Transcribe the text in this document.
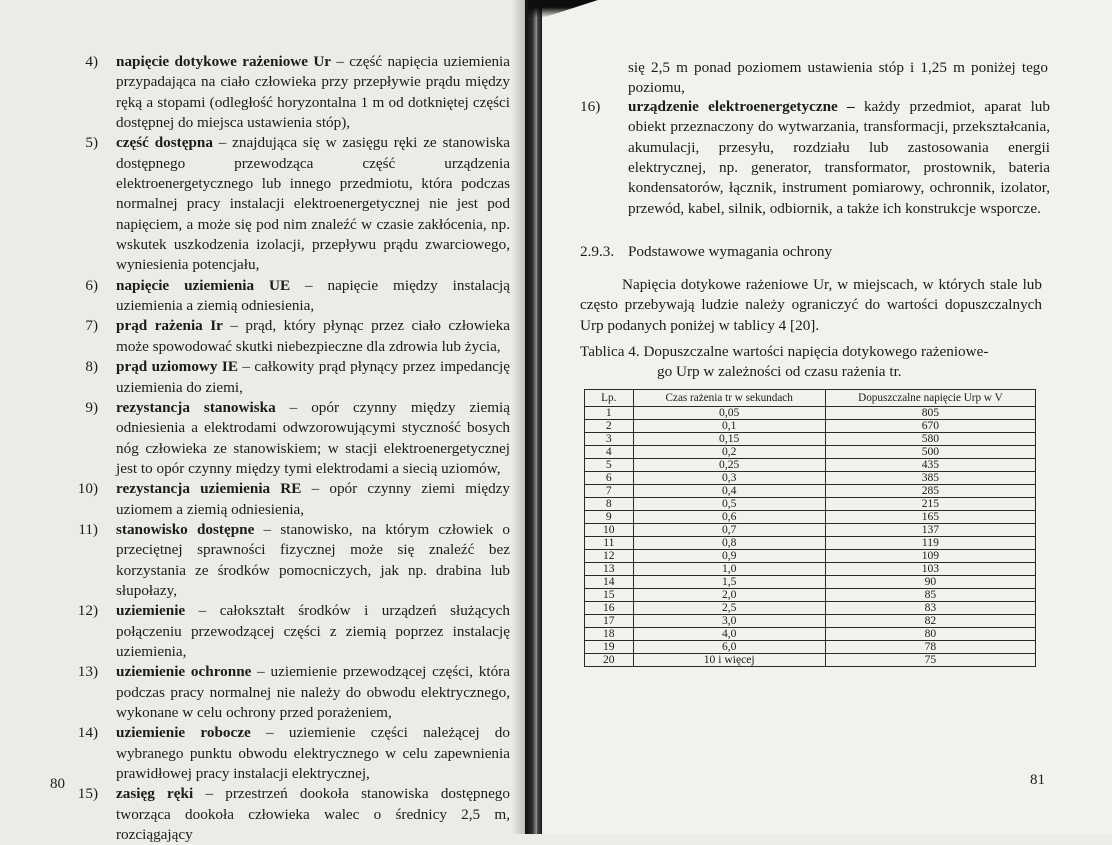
4) napięcie dotykowe rażeniowe Ur – część napięcia uziemienia przypadająca na ciało człowieka przy przepływie prądu między ręką a stopami (odległość horyzontalna 1 m od dotkniętej części dostępnej do miejsca ustawienia stóp),
5) część dostępna – znajdująca się w zasięgu ręki ze stanowiska dostępnego przewodząca część urządzenia elektroenergetycznego lub innego przedmiotu, która podczas normalnej pracy instalacji elektroenergetycznej nie jest pod napięciem, a może się pod nim znaleźć w czasie zakłócenia, np. wskutek uszkodzenia izolacji, przepływu prądu zwarciowego, wyniesienia potencjału,
6) napięcie uziemienia UE – napięcie między instalacją uziemienia a ziemią odniesienia,
7) prąd rażenia Ir – prąd, który płynąc przez ciało człowieka może spowodować skutki niebezpieczne dla zdrowia lub życia,
8) prąd uziomowy IE – całkowity prąd płynący przez impedancję uziemienia do ziemi,
9) rezystancja stanowiska – opór czynny między ziemią odniesienia a elektrodami odwzorowującymi styczność bosych nóg człowieka ze stanowiskiem; w stacji elektroenergetycznej jest to opór czynny między tymi elektrodami a siecią uziomów,
10) rezystancja uziemienia RE – opór czynny ziemi między uziomem a ziemią odniesienia,
11) stanowisko dostępne – stanowisko, na którym człowiek o przeciętnej sprawności fizycznej może się znaleźć bez korzystania ze środków pomocniczych, jak np. drabina lub słupołazy,
12) uziemienie – całokształt środków i urządzeń służących połączeniu przewodzącej części z ziemią poprzez instalację uziemienia,
13) uziemienie ochronne – uziemienie przewodzącej części, która podczas pracy normalnej nie należy do obwodu elektrycznego, wykonane w celu ochrony przed porażeniem,
14) uziemienie robocze – uziemienie części należącej do wybranego punktu obwodu elektrycznego w celu zapewnienia prawidłowej pracy instalacji elektrycznej,
15) zasięg ręki – przestrzeń dookoła stanowiska dostępnego tworząca dookoła człowieka walec o średnicy 2,5 m, rozciągający
80
się 2,5 m ponad poziomem ustawienia stóp i 1,25 m poniżej tego poziomu,
16)	urządzenie elektroenergetyczne – każdy przedmiot, aparat lub obiekt przeznaczony do wytwarzania, transformacji, przekształcania, akumulacji, przesyłu, rozdziału lub zastosowania energii elektrycznej, np. generator, transformator, prostownik, bateria kondensatorów, łącznik, instrument pomiarowy, ochronnik, izolator, przewód, kabel, silnik, odbiornik, a także ich konstrukcje wsporcze.
2.9.3. Podstawowe wymagania ochrony
Napięcia dotykowe rażeniowe Ur, w miejscach, w których stale lub często przebywają ludzie należy ograniczyć do wartości dopuszczalnych Urp podanych poniżej w tablicy 4 [20].
Tablica 4. Dopuszczalne wartości napięcia dotykowego rażeniowe-
go Urp w zależności od czasu rażenia tr.
Lp.	Czas rażenia tr w sekundach	Dopuszczalne napięcie Urp w V
1	0,05	805
2	0,1	670
3	0,15	580
4	0,2	500
5	0,25	435
6	0,3	385
7	0,4	285
8	0,5	215
9	0,6	165
10	0,7	137
11	0,8	119
12	0,9	109
13	1,0	103
14	1,5	90
15	2,0	85
16	2,5	83
17	3,0	82
18	4,0	80
19	6,0	78
20	10 i więcej	75
81
